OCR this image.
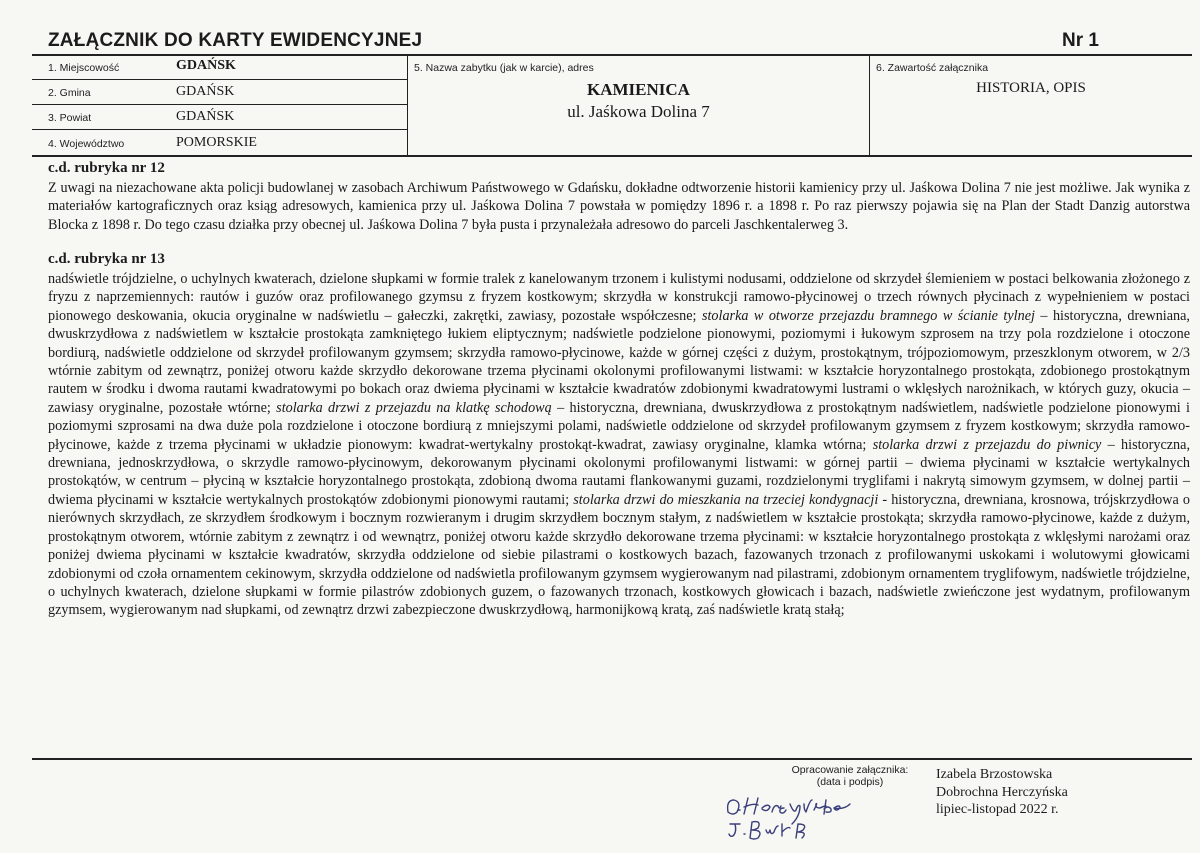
ZAŁĄCZNIK DO KARTY EWIDENCYJNEJ	Nr 1
1. Miejscowość	GDAŃSK
2. Gmina	GDAŃSK
3. Powiat	GDAŃSK
4. Województwo	POMORSKIE
5. Nazwa zabytku (jak w karcie), adres
KAMIENICA
ul. Jaśkowa Dolina 7
6. Zawartość załącznika
HISTORIA, OPIS
c.d. rubryka nr 12
Z uwagi na niezachowane akta policji budowlanej w zasobach Archiwum Państwowego w Gdańsku, dokładne odtworzenie historii kamienicy przy ul. Jaśkowa Dolina 7 nie jest możliwe. Jak wynika z materiałów kartograficznych oraz ksiąg adresowych, kamienica przy ul. Jaśkowa Dolina 7 powstała w pomiędzy 1896 r. a 1898 r. Po raz pierwszy pojawia się na Plan der Stadt Danzig autorstwa Blocka z 1898 r. Do tego czasu działka przy obecnej ul. Jaśkowa Dolina 7 była pusta i przynależała adresowo do parceli Jaschkentalerweg 3.
c.d. rubryka nr 13
nadświetle trójdzielne, o uchylnych kwaterach, dzielone słupkami w formie tralek z kanelowanym trzonem i kulistymi nodusami, oddzielone od skrzydeł ślemieniem w postaci belkowania złożonego z fryzu z naprzemiennych: rautów i guzów oraz profilowanego gzymsu z fryzem kostkowym; skrzydła w konstrukcji ramowo-płycinowej o trzech równych płycinach z wypełnieniem w postaci pionowego deskowania, okucia oryginalne w nadświetlu – gałeczki, zakrętki, zawiasy, pozostałe współczesne; stolarka w otworze przejazdu bramnego w ścianie tylnej – historyczna, drewniana, dwuskrzydłowa z nadświetlem w kształcie prostokąta zamkniętego łukiem eliptycznym; nadświetle podzielone pionowymi, poziomymi i łukowym szprosem na trzy pola rozdzielone i otoczone bordiurą, nadświetle oddzielone od skrzydeł profilowanym gzymsem; skrzydła ramowo-płycinowe, każde w górnej części z dużym, prostokątnym, trójpoziomowym, przeszklonym otworem, w 2/3 wtórnie zabitym od zewnątrz, poniżej otworu każde skrzydło dekorowane trzema płycinami okolonymi profilowanymi listwami: w kształcie horyzontalnego prostokąta, zdobionego prostokątnym rautem w środku i dwoma rautami kwadratowymi po bokach oraz dwiema płycinami w kształcie kwadratów zdobionymi kwadratowymi lustrami o wklęsłych narożnikach, w których guzy, okucia – zawiasy oryginalne, pozostałe wtórne; stolarka drzwi z przejazdu na klatkę schodową – historyczna, drewniana, dwuskrzydłowa z prostokątnym nadświetlem, nadświetle podzielone pionowymi i poziomymi szprosami na dwa duże pola rozdzielone i otoczone bordiurą z mniejszymi polami, nadświetle oddzielone od skrzydeł profilowanym gzymsem z fryzem kostkowym; skrzydła ramowo-płycinowe, każde z trzema płycinami w układzie pionowym: kwadrat-wertykalny prostokąt-kwadrat, zawiasy oryginalne, klamka wtórna; stolarka drzwi z przejazdu do piwnicy – historyczna, drewniana, jednoskrzydłowa, o skrzydle ramowo-płycinowym, dekorowanym płycinami okolonymi profilowanymi listwami: w górnej partii – dwiema płycinami w kształcie wertykalnych prostokątów, w centrum – płyciną w kształcie horyzontalnego prostokąta, zdobioną dwoma rautami flankowanymi guzami, rozdzielonymi tryglifami i nakrytą simowym gzymsem, w dolnej partii – dwiema płycinami w kształcie wertykalnych prostokątów zdobionymi pionowymi rautami; stolarka drzwi do mieszkania na trzeciej kondygnacji - historyczna, drewniana, krosnowa, trójskrzydłowa o nierównych skrzydłach, ze skrzydłem środkowym i bocznym rozwieranym i drugim skrzydłem bocznym stałym, z nadświetlem w kształcie prostokąta; skrzydła ramowo-płycinowe, każde z dużym, prostokątnym otworem, wtórnie zabitym z zewnątrz i od wewnątrz, poniżej otworu każde skrzydło dekorowane trzema płycinami: w kształcie horyzontalnego prostokąta z wklęsłymi narożami oraz poniżej dwiema płycinami w kształcie kwadratów, skrzydła oddzielone od siebie pilastrami o kostkowych bazach, fazowanych trzonach z profilowanymi uskokami i wolutowymi głowicami zdobionymi od czoła ornamentem cekinowym, skrzydła oddzielone od nadświetla profilowanym gzymsem wygierowanym nad pilastrami, zdobionym ornamentem tryglifowym, nadświetle trójdzielne, o uchylnych kwaterach, dzielone słupkami w formie pilastrów zdobionych guzem, o fazowanych trzonach, kostkowych głowicach i bazach, nadświetle zwieńczone jest wydatnym, profilowanym gzymsem, wygierowanym nad słupkami, od zewnątrz drzwi zabezpieczone dwuskrzydłową, harmonijkową kratą, zaś nadświetle kratą stałą;
Opracowanie załącznika:
(data i podpis)	Izabela Brzostowska
Dobrochna Herczyńska
lipiec-listopad 2022 r.
